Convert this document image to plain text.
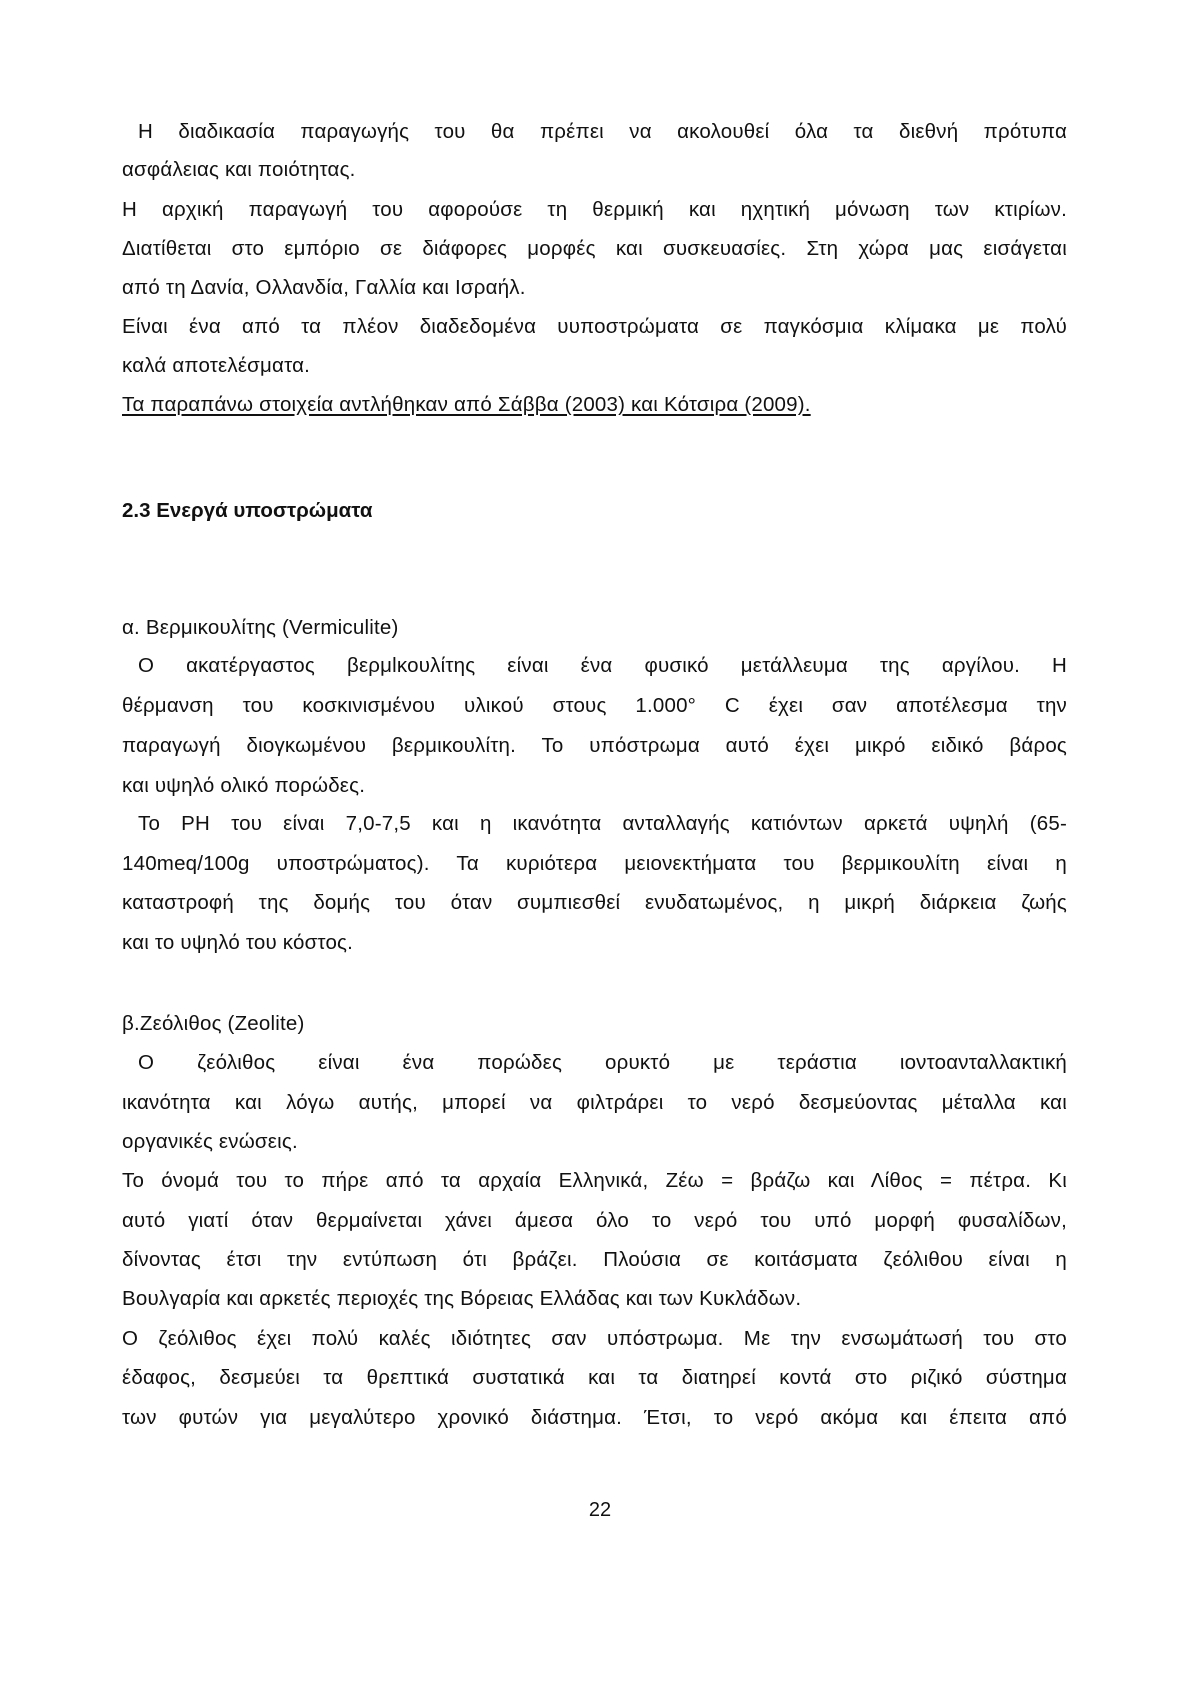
Η διαδικασία παραγωγής του θα πρέπει να ακολουθεί όλα τα διεθνή πρότυπα

ασφάλειας και ποιότητας.

Η αρχική παραγωγή του αφορούσε τη θερμική και ηχητική μόνωση των κτιρίων.

Διατίθεται στο εμπόριο σε διάφορες μορφές και συσκευασίες. Στη χώρα μας εισάγεται

από τη Δανία, Ολλανδία, Γαλλία και Ισραήλ.

Είναι ένα από τα πλέον διαδεδομένα υυποστρώματα σε παγκόσμια κλίμακα με πολύ

καλά αποτελέσματα.

Τα παραπάνω στοιχεία αντλήθηκαν από Σάββα (2003) και Κότσιρα (2009).

2.3 Ενεργά υποστρώματα

α. Βερμικουλίτης (Vermiculite)

Ο ακατέργαστος βερμlκουλίτης είναι ένα φυσικό μετάλλευμα της αργίλου. Η

θέρμανση του κοσκινισμένου υλικού στους 1.000° C έχει σαν αποτέλεσμα την

παραγωγή διογκωμένου βερμικουλίτη. Το υπόστρωμα αυτό έχει μικρό ειδικό βάρος

και υψηλό ολικό πορώδες.

Το PH του είναι 7,0-7,5 και η ικανότητα ανταλλαγής κατιόντων αρκετά υψηλή (65-

140meq/100g υποστρώματος). Τα κυριότερα μειονεκτήματα του βερμικουλίτη είναι η

καταστροφή της δομής του όταν συμπιεσθεί ενυδατωμένος, η μικρή διάρκεια ζωής

και το υψηλό του κόστος.

β.Ζεόλιθος (Zeolite)

Ο ζεόλιθος είναι ένα πορώδες ορυκτό με τεράστια ιοντοανταλλακτική

ικανότητα και λόγω αυτής, μπορεί να φιλτράρει το νερό δεσμεύοντας μέταλλα και

οργανικές ενώσεις.

Το όνομά του το πήρε από τα αρχαία Ελληνικά, Ζέω = βράζω και Λίθος = πέτρα. Κι

αυτό γιατί όταν θερμαίνεται χάνει άμεσα όλο το νερό του υπό μορφή φυσαλίδων,

δίνοντας έτσι την εντύπωση ότι βράζει. Πλούσια σε κοιτάσματα ζεόλιθου είναι η

Βουλγαρία και αρκετές περιοχές της Βόρειας Ελλάδας και των Κυκλάδων.

Ο ζεόλιθος έχει πολύ καλές ιδιότητες σαν υπόστρωμα. Με την ενσωμάτωσή του στο

έδαφος, δεσμεύει τα θρεπτικά συστατικά και τα διατηρεί κοντά στο ριζικό σύστημα

των φυτών για μεγαλύτερο χρονικό διάστημα. Έτσι, το νερό ακόμα και έπειτα από

22
